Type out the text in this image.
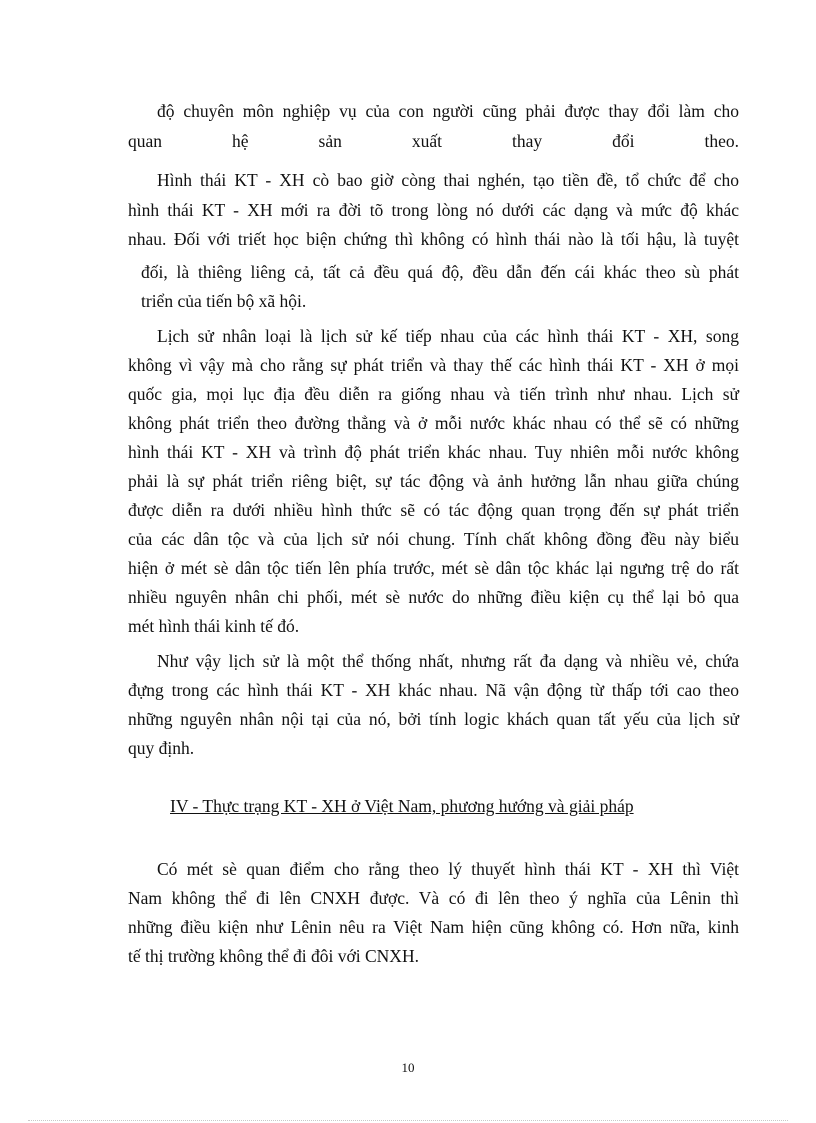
độ chuyên môn nghiệp vụ của con người cũng phải được thay đổi làm cho
quan hệ sản xuất thay đổi theo.
Hình thái KT - XH cò bao giờ còng thai nghén, tạo tiền đề, tổ chức để cho
hình thái KT - XH mới ra đời tõ trong lòng nó dưới các dạng và mức độ khác
nhau. Đối với triết học biện chứng thì không có hình thái nào là tối hậu, là tuyệt
đối, là thiêng liêng cả, tất cả đều quá độ, đều dẫn đến cái khác theo sù phát
triển của tiến bộ xã hội.
Lịch sử nhân loại là lịch sử kế tiếp nhau của các hình thái KT - XH, song
không vì vậy mà cho rằng sự phát triển và thay thế các hình thái KT - XH ở mọi
quốc gia, mọi lục địa đều diễn ra giống nhau và tiến trình như nhau. Lịch sử
không phát triển theo đường thẳng và ở mỗi nước khác nhau có thể sẽ có những
hình thái KT - XH và trình độ phát triển khác nhau. Tuy nhiên mỗi nước không
phải là sự phát triển riêng biệt, sự tác động và ảnh hưởng lẫn nhau giữa chúng
được diễn ra dưới nhiều hình thức sẽ có tác động quan trọng đến sự phát triển
của các dân tộc và của lịch sử nói chung. Tính chất không đồng đều này biểu
hiện ở mét sè dân tộc tiến lên phía trước, mét sè dân tộc khác lại ngưng trệ do rất
nhiều nguyên nhân chi phối, mét sè nước do những điều kiện cụ thể lại bỏ qua
mét hình thái kinh tế đó.
Như vậy lịch sử là một thể thống nhất, nhưng rất đa dạng và nhiều vẻ, chứa
đựng trong các hình thái KT - XH khác nhau. Nã vận động từ thấp tới cao theo
những nguyên nhân nội tại của nó, bởi tính logic khách quan tất yếu của lịch sử
quy định.
IV - Thực trạng KT - XH ở Việt Nam, phương hướng và giải pháp
Có mét sè quan điểm cho rằng theo lý thuyết hình thái KT - XH thì Việt
Nam không thể đi lên CNXH được. Và có đi lên theo ý nghĩa của Lênin thì
những điều kiện như Lênin nêu ra Việt Nam hiện cũng không có. Hơn nữa, kinh
tế thị trường không thể đi đôi với CNXH.
10
